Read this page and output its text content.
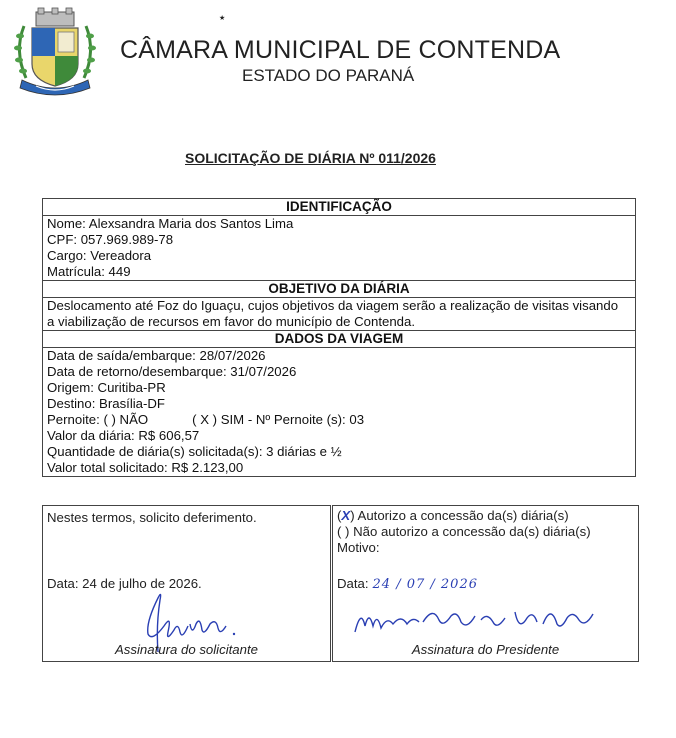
★
CÂMARA MUNICIPAL DE CONTENDA
ESTADO DO PARANÁ
SOLICITAÇÃO DE DIÁRIA Nº 011/2026
IDENTIFICAÇÃO

Nome: Alexsandra Maria dos Santos Lima
CPF: 057.969.989-78
Cargo: Vereadora
Matrícula: 449

OBJETIVO DA DIÁRIA
Deslocamento até Foz do Iguaçu, cujos objetivos da viagem serão a realização de visitas visando a viabilização de recursos em favor do município de Contenda.
DADOS DA VIAGEM

Data de saída/embarque: 28/07/2026
Data de retorno/desembarque: 31/07/2026
Origem: Curitiba-PR
Destino: Brasília-DF
Pernoite: ( ) NÃO	( X ) SIM - Nº Pernoite (s): 03
Valor da diária: R$ 606,57
Quantidade de diária(s) solicitada(s): 3 diárias e ½
Valor total solicitado: R$ 2.123,00
Nestes termos, solicito deferimento.
Data: 24 de julho de 2026.
Assinatura do solicitante
(X) Autorizo a concessão da(s) diária(s)
( ) Não autorizo a concessão da(s) diária(s)
Motivo:
Data: 24 / 07 / 2026
Assinatura do Presidente
